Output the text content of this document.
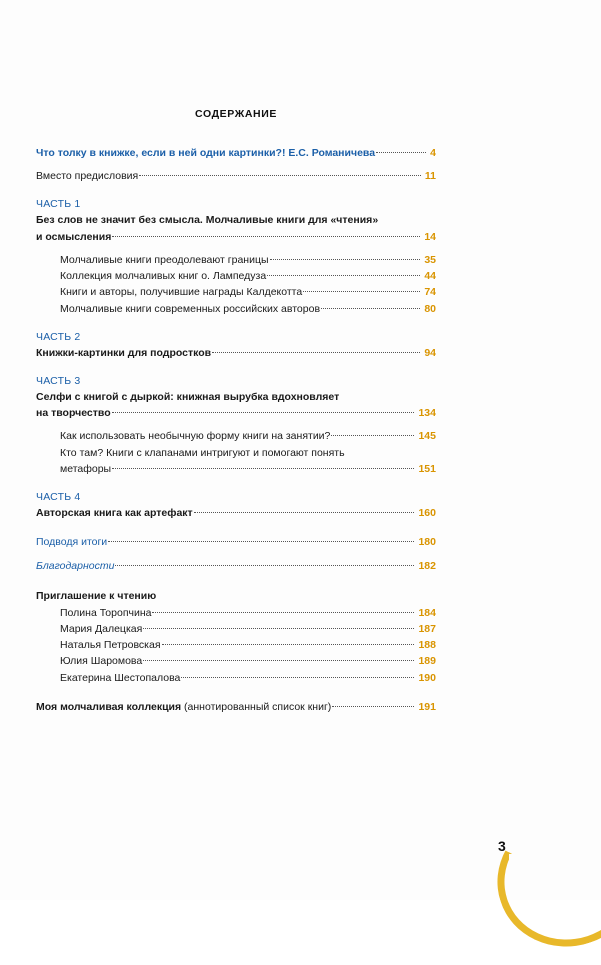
СОДЕРЖАНИЕ
Что толку в книжке, если в ней одни картинки?! Е.С. Романичева	4
Вместо предисловия	11
ЧАСТЬ 1
Без слов не значит без смысла. Молчаливые книги для «чтения»
и осмысления	14
Молчаливые книги преодолевают границы	35
Коллекция молчаливых книг о. Лампедуза	44
Книги и авторы, получившие награды Калдекотта	74
Молчаливые книги современных российских авторов	80
ЧАСТЬ 2
Книжки-картинки для подростков	94
ЧАСТЬ 3
Селфи с книгой с дыркой: книжная вырубка вдохновляет
на творчество	134
Как использовать необычную форму книги на занятии?	145
Кто там? Книги с клапанами интригуют и помогают понять
метафоры	151
ЧАСТЬ 4
Авторская книга как артефакт	160
Подводя итоги	180
Благодарности	182
Приглашение к чтению
Полина Торопчина	184
Мария Далецкая	187
Наталья Петровская	188
Юлия Шаромова	189
Екатерина Шестопалова	190
Моя молчаливая коллекция (аннотированный список книг)	191
3
